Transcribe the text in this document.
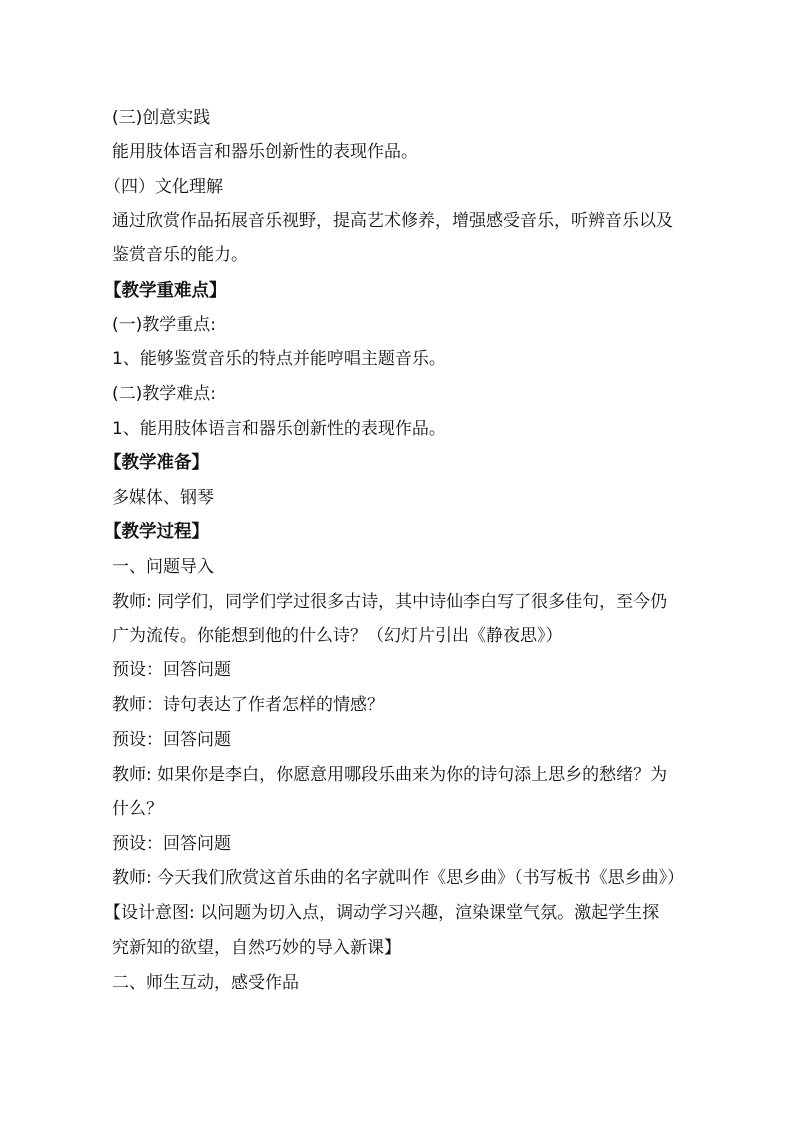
(三)创意实践
能用肢体语言和器乐创新性的表现作品。
（四）文化理解
通过欣赏作品拓展音乐视野，提高艺术修养，增强感受音乐，听辨音乐以及
鉴赏音乐的能力。
【教学重难点】
(一)教学重点:
1、能够鉴赏音乐的特点并能哼唱主题音乐。
(二)教学难点:
1、能用肢体语言和器乐创新性的表现作品。
【教学准备】
多媒体、钢琴
【教学过程】
一、问题导入
教师: 同学们，同学们学过很多古诗，其中诗仙李白写了很多佳句，至今仍
广为流传。你能想到他的什么诗？（幻灯片引出《静夜思》）
预设：回答问题
教师：诗句表达了作者怎样的情感？
预设：回答问题
教师: 如果你是李白，你愿意用哪段乐曲来为你的诗句添上思乡的愁绪？为
什么？
预设：回答问题
教师: 今天我们欣赏这首乐曲的名字就叫作《思乡曲》（书写板书《思乡曲》）
【设计意图: 以问题为切入点，调动学习兴趣，渲染课堂气氛。激起学生探
究新知的欲望，自然巧妙的导入新课】
二、师生互动，感受作品
